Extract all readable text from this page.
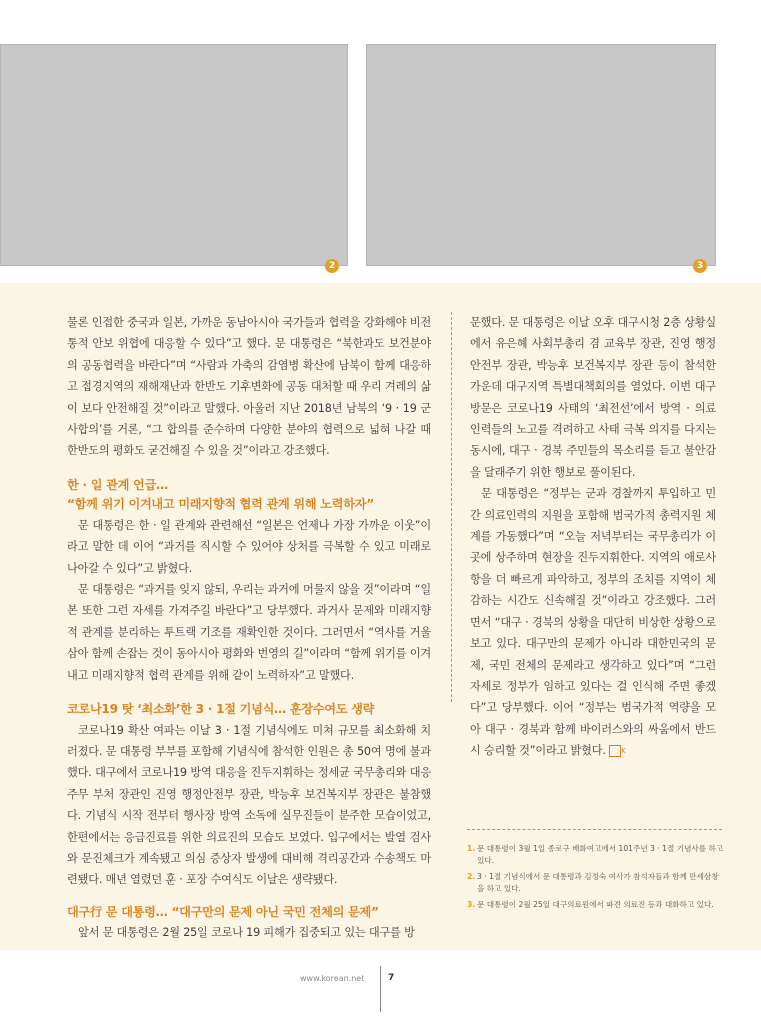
2	3

물론 인접한 중국과 일본, 가까운 동남아시아 국가들과 협력을 강화해야 비전통적 안보 위협에 대응할 수 있다”고 했다. 문 대통령은 “북한과도 보건분야의 공동협력을 바란다”며 “사람과 가축의 감염병 확산에 남북이 함께 대응하고 접경지역의 재해재난과 한반도 기후변화에 공동 대처할 때 우리 겨레의 삶이 보다 안전해질 것”이라고 말했다. 아울러 지난 2018년 남북의 ‘9 · 19 군사합의’를 거론, “그 합의를 준수하며 다양한 분야의 협력으로 넓혀 나갈 때 한반도의 평화도 굳건해질 수 있을 것”이라고 강조했다.

한 · 일 관계 언급…
“함께 위기 이겨내고 미래지향적 협력 관계 위해 노력하자”

문 대통령은 한 · 일 관계와 관련해선 “일본은 언제나 가장 가까운 이웃”이라고 말한 데 이어 “과거를 직시할 수 있어야 상처를 극복할 수 있고 미래로 나아갈 수 있다”고 밝혔다.

문 대통령은 “과거를 잊지 않되, 우리는 과거에 머물지 않을 것”이라며 “일본 또한 그런 자세를 가져주길 바란다”고 당부했다. 과거사 문제와 미래지향적 관계를 분리하는 투트랙 기조를 재확인한 것이다. 그러면서 “역사를 거울삼아 함께 손잡는 것이 동아시아 평화와 번영의 길”이라며 “함께 위기를 이겨내고 미래지향적 협력 관계를 위해 같이 노력하자”고 말했다.

코로나19 탓 ‘최소화’한 3 · 1절 기념식… 훈장수여도 생략

코로나19 확산 여파는 이날 3 · 1절 기념식에도 미쳐 규모를 최소화해 치러졌다. 문 대통령 부부를 포함해 기념식에 참석한 인원은 총 50여 명에 불과했다. 대구에서 코로나19 방역 대응을 진두지휘하는 정세균 국무총리와 대응 주무 부처 장관인 진영 행정안전부 장관, 박능후 보건복지부 장관은 불참했다. 기념식 시작 전부터 행사장 방역 소독에 실무진들이 분주한 모습이었고, 한편에서는 응급진료를 위한 의료진의 모습도 보였다. 입구에서는 발열 검사와 문진체크가 계속됐고 의심 증상자 발생에 대비해 격리공간과 수송책도 마련됐다. 매년 열렸던 훈 · 포장 수여식도 이날은 생략됐다.

대구行 문 대통령… “대구만의 문제 아닌 국민 전체의 문제”

앞서 문 대통령은 2월 25일 코로나 19 피해가 집중되고 있는 대구를 방

문했다. 문 대통령은 이날 오후 대구시청 2층 상황실에서 유은혜 사회부총리 겸 교육부 장관, 진영 행정안전부 장관, 박능후 보건복지부 장관 등이 참석한 가운데 대구지역 특별대책회의를 열었다. 이번 대구 방문은 코로나19 사태의 ‘최전선’에서 방역 · 의료 인력들의 노고를 격려하고 사태 극복 의지를 다지는 동시에, 대구 · 경북 주민들의 목소리를 듣고 불안감을 달래주기 위한 행보로 풀이된다.

문 대통령은 “정부는 군과 경찰까지 투입하고 민간 의료인력의 지원을 포함해 범국가적 총력지원 체계를 가동했다”며 “오늘 저녁부터는 국무총리가 이곳에 상주하며 현장을 진두지휘한다. 지역의 애로사항을 더 빠르게 파악하고, 정부의 조치를 지역이 체감하는 시간도 신속해질 것”이라고 강조했다. 그러면서 “대구 · 경북의 상황을 대단히 비상한 상황으로 보고 있다. 대구만의 문제가 아니라 대한민국의 문제, 국민 전체의 문제라고 생각하고 있다”며 “그런 자세로 정부가 임하고 있다는 걸 인식해 주면 좋겠다”고 당부했다. 이어 “정부는 범국가적 역량을 모아 대구 · 경북과 함께 바이러스와의 싸움에서 반드시 승리할 것”이라고 밝혔다. K

1. 문 대통령이 3월 1일 종로구 배화여고에서 101주년 3 · 1절 기념사를 하고 있다.
2. 3 · 1절 기념식에서 문 대통령과 김정숙 여사가 참석자들과 함께 만세삼창을 하고 있다.
3. 문 대통령이 2월 25일 대구의료원에서 파견 의료진 등과 대화하고 있다.
www.korean.net	7
